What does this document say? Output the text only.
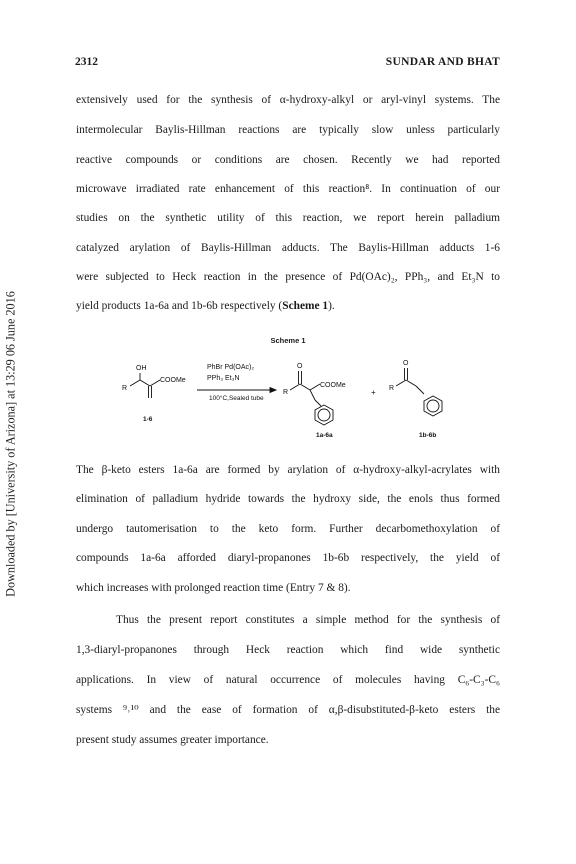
Downloaded by [University of Arizona] at 13:29 06 June 2016
2312	SUNDAR AND BHAT
extensively used for the synthesis of α-hydroxy-alkyl or aryl-vinyl systems. The
intermolecular Baylis-Hillman reactions are typically slow unless particularly
reactive compounds or conditions are chosen. Recently we had reported
microwave irradiated rate enhancement of this reaction⁸. In continuation of our
studies on the synthetic utility of this reaction, we report herein palladium
catalyzed arylation of Baylis-Hillman adducts. The Baylis-Hillman adducts 1-6
were subjected to Heck reaction in the presence of Pd(OAc)₂, PPh₃, and Et₃N to
yield products 1a-6a and 1b-6b respectively (Scheme 1).
Scheme 1
OH
COOMe
R
1-6
PhBr Pd(OAc)₂
PPh₃ Et₃N
100°C,Sealed tube
R
O
COOMe
1a-6a
+ R
O
1b-6b
The β-keto esters 1a-6a are formed by arylation of α-hydroxy-alkyl-acrylates with
elimination of palladium hydride towards the hydroxy side, the enols thus formed
undergo tautomerisation to the keto form. Further decarbomethoxylation of
compounds 1a-6a afforded diaryl-propanones 1b-6b respectively, the yield of
which increases with prolonged reaction time (Entry 7 & 8).
Thus the present report constitutes a simple method for the synthesis of
1,3-diaryl-propanones through Heck reaction which find wide synthetic
applications. In view of natural occurrence of molecules having C₆-C₃-C₆
systems ⁹˒¹⁰ and the ease of formation of α,β-disubstituted-β-keto esters the
present study assumes greater importance.
